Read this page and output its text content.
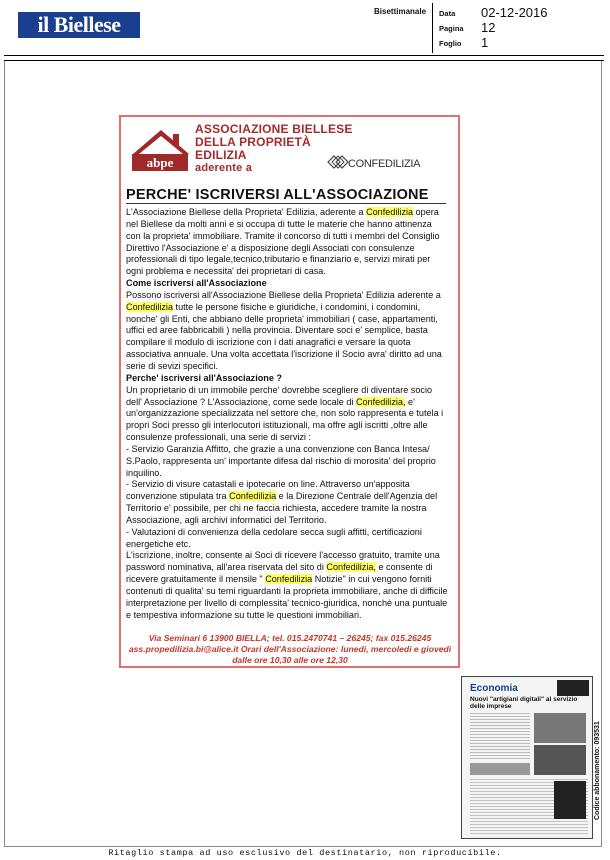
il Biellese
Bisettimanale Data 02-12-2016
Pagina 12
Foglio 1
abpe
ASSOCIAZIONE BIELLESE
DELLA PROPRIETÀ
EDILIZIA
aderente a	CONFEDILIZIA
PERCHE' ISCRIVERSI ALL'ASSOCIAZIONE

L'Associazione Biellese della Proprieta' Edilizia, aderente a Confedilizia opera nel Biellese da molti anni e si occupa di tutte le materie che hanno attinenza con la proprieta' immobiliare. Tramite il concorso di tutti i membri del Consiglio Direttivo l'Associazione e' a disposizione degli Associati con consulenze professionali di tipo legale,tecnico,tributario e finanziario e, servizi mirati per ogni problema e necessita' dei proprietari di casa.

Come iscriversi all'Associazione

Possono iscriversi all'Associazione Biellese della Proprieta' Edilizia aderente a Confedilizia tutte le persone fisiche e giuridiche, i condomini, i condomini, nonche' gli Enti, che abbiano delle proprieta' immobiliari ( case, appartamenti, uffici ed aree fabbricabili ) nella provincia. Diventare soci e' semplice, basta compilare il modulo di iscrizione con i dati anagrafici e versare la quota associativa annuale. Una volta accettata l'iscrizione il Socio avra' diritto ad una serie di sevizi specifici.

Perche' iscriversi all'Associazione ?

Un proprietario di un immobile perche' dovrebbe scegliere di diventare socio dell' Associazione ? L'Associazione, come sede locale di Confedilizia, e' un'organizzazione specializzata nel settore che, non solo rappresenta e tutela i propri Soci presso gli interlocutori istituzionali, ma offre agli iscritti ,oltre alle consulenze professionali, una serie di servizi :

- Servizio Garanzia Affitto, che grazie a una convenzione con Banca Intesa/ S.Paolo, rappresenta un' importante difesa dal rischio di morosita' del proprio inquilino.

- Servizio di visure catastali e ipotecarie on line. Attraverso un'apposita convenzione stipulata tra Confedilizia e la Direzione Centrale dell'Agenzia del Territorio e' possibile, per chi ne faccia richiesta, accedere tramite la nostra Associazione, agli archivi informatici del Territorio.

- Valutazioni di convenienza della cedolare secca sugli affitti, certificazioni energetiche etc.

L'iscrizione, inoltre, consente ai Soci di ricevere l'accesso gratuito, tramite una password nominativa, all'area riservata del sito di Confedilizia, e consente di ricevere gratuitamente il mensile " Confedilizia Notizie" in cui vengono forniti contenuti di qualita' su temi riguardanti la proprieta immobiliare, anche di difficile interpretazione per livello di complessita' tecnico-giuridica, nonchè una puntuale e tempestiva informazione su tutte le questioni immobiliari.

Via Seminari 6 13900 BIELLA; tel. 015.2470741 – 26245; fax 015.26245
ass.propedilizia.bi@alice.it Orari dell'Associazione: lunedi, mercoledi e giovedi
dalle ore 10,30 alle ore 12,30
Economia
Nuovi "artigiani digitali" al servizio delle imprese
Codice abbonamento: 093531
Ritaglio stampa ad uso esclusivo del destinatario, non riproducibile.
